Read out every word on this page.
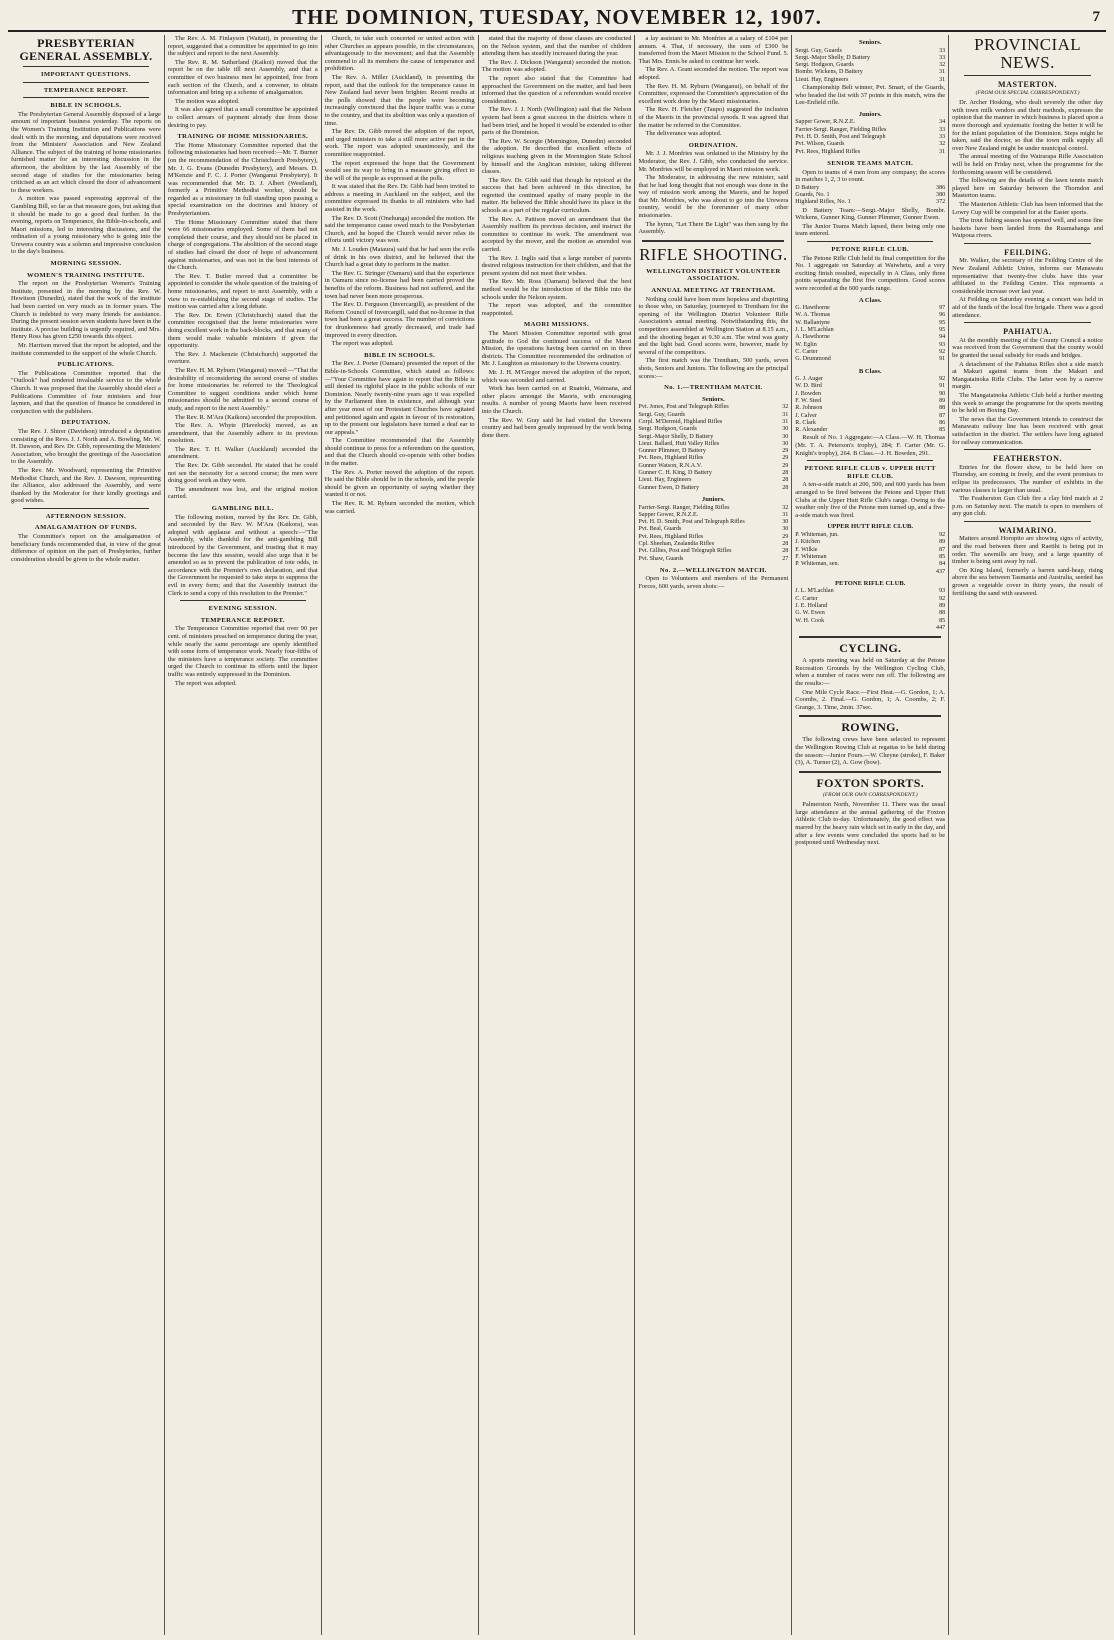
THE DOMINION, TUESDAY, NOVEMBER 12, 1907.	7
PRESBYTERIAN GENERAL ASSEMBLY.
IMPORTANT QUESTIONS.
TEMPERANCE REPORT.
BIBLE IN SCHOOLS.

The Presbyterian General Assembly disposed of a large amount of important business yesterday. The reports on the Women's Training Institution and Publications were dealt with in the morning, and deputations were received from the Ministers' Association and New Zealand Alliance. The subject of the training of home missionaries furnished matter for an interesting discussion in the afternoon, the abolition by the last Assembly of the second stage of studies for the missionaries being criticised as an act which closed the door of advancement to these workers.

A motion was passed expressing approval of the Gambling Bill, so far as that measure goes, but asking that it should be made to go a good deal further. In the evening, reports on Temperance, the Bible-in-schools, and Maori missions, led to interesting discussions, and the ordination of a young missionary who is going into the Urewera country was a solemn and impressive conclusion to the day's business.

MORNING SESSION.
WOMEN'S TRAINING INSTITUTE.

The report on the Presbyterian Women's Training Institute, presented in the morning by the Rev. W. Hewitson (Dunedin), stated that the work of the institute had been carried on very much as in former years. The Church is indebted to very many friends for assistance. During the present session seven students have been in the institute. A precise building is urgently required, and Mrs. Henry Ross has given £250 towards this object.

Mr. Harrison moved that the report be adopted, and the institute commended to the support of the whole Church.

PUBLICATIONS.

The Publications Committee reported that the "Outlook" had rendered invaluable service to the whole Church. It was proposed that the Assembly should elect a Publications Committee of four ministers and four laymen, and that the question of finance be considered in conjunction with the publishers.

DEPUTATION.

The Rev. J. Shirer (Davidson) introduced a deputation consisting of the Revs. J. J. North and A. Bowling, Mr. W. H. Dawson, and Rev. Dr. Gibb, representing the Ministers' Association, who brought the greetings of the Association to the Assembly.

The Rev. Mr. Woodward, representing the Primitive Methodist Church, and the Rev. J. Dawson, representing the Alliance, also addressed the Assembly, and were thanked by the Moderator for their kindly greetings and good wishes.

AFTERNOON SESSION.
AMALGAMATION OF FUNDS.

The Committee's report on the amalgamation of beneficiary funds recommended that, in view of the great difference of opinion on the part of Presbyteries, further consideration should be given to the whole matter.

The Rev. A. M. Finlayson (Waitati), in presenting the report, suggested that a committee be appointed to go into the subject and report to the next Assembly.

The Rev. R. M. Sutherland (Kaikoi) moved that the report be on the table till next Assembly, and that a committee of two business men be appointed, free from each section of the Church, and a convener, to obtain information and bring up a scheme of amalgamation.

The motion was adopted.

It was also agreed that a small committee be appointed to collect arrears of payment already due from those desiring to pay.

TRAINING OF HOME MISSIONARIES.

The Home Missionary Committee reported that the following missionaries had been received:—Mr. T. Burner (on the recommendation of the Christchurch Presbytery), Mr. J. G. Evans (Dunedin Presbytery), and Messrs. D. M'Kenzie and F. C. J. Porter (Wanganui Presbytery). It was recommended that Mr. D. J. Albert (Westland), formerly a Primitive Methodist worker, should be regarded as a missionary in full standing upon passing a special examination on the doctrines and history of Presbyterianism.

The Home Missionary Committee stated that there were 66 missionaries employed. Some of them had not completed their course, and they should not be placed in charge of congregations. The abolition of the second stage of studies had closed the door of hope of advancement against missionaries, and was not in the best interests of the Church.

The Rev. T. Butler moved that a committee be appointed to consider the whole question of the training of home missionaries, and report to next Assembly, with a view to re-establishing the second stage of studies. The motion was carried after a long debate.

The Rev. Dr. Erwin (Christchurch) stated that the committee recognised that the home missionaries were doing excellent work in the back-blocks, and that many of them would make valuable ministers if given the opportunity.

The Rev. J. Mackenzie (Christchurch) supported the overture.

The Rev. H. M. Ryburn (Wanganui) moved:—"That the desirability of reconsidering the second course of studies for home missionaries be referred to the Theological Committee to suggest conditions under which home missionaries should be admitted to a second course of study, and report to the next Assembly."

The Rev. R. M'Ara (Kaikora) seconded the proposition.

The Rev. A. Whyte (Havelock) moved, as an amendment, that the Assembly adhere to its previous resolution.

The Rev. T. H. Walker (Auckland) seconded the amendment.

The Rev. Dr. Gibb seconded. He stated that he could not see the necessity for a second course; the men were doing good work as they were.

The amendment was lost, and the original motion carried.

GAMBLING BILL.

The following motion, moved by the Rev. Dr. Gibb, and seconded by the Rev. W. M'Ara (Kaikora), was adopted with applause and without a speech:—"The Assembly, while thankful for the anti-gambling Bill introduced by the Government, and trusting that it may become the law this session, would also urge that it be amended so as to prevent the publication of tote odds, in accordance with the Premier's own declaration, and that the Government be requested to take steps to suppress the evil in every form; and that the Assembly instruct the Clerk to send a copy of this resolution to the Premier."

EVENING SESSION.
TEMPERANCE REPORT.

The Temperance Committee reported that over 90 per cent. of ministers preached on temperance during the year, while nearly the same percentage are openly identified with some form of temperance work. Nearly four-fifths of the ministers have a temperance society. The committee urged the Church to continue its efforts until the liquor traffic was entirely suppressed in the Dominion.

The report was adopted.

Church, to take such concerted or united action with other Churches as appears possible, in the circumstances, advantageously to the movement; and that the Assembly commend to all its members the cause of temperance and prohibition.

The Rev. A. Miller (Auckland), in presenting the report, said that the outlook for the temperance cause in New Zealand had never been brighter. Recent results at the polls showed that the people were becoming increasingly convinced that the liquor traffic was a curse to the country, and that its abolition was only a question of time.

The Rev. Dr. Gibb moved the adoption of the report, and urged ministers to take a still more active part in the work. The report was adopted unanimously, and the committee reappointed.

The report expressed the hope that the Government would see its way to bring in a measure giving effect to the will of the people as expressed at the polls.

It was stated that the Rev. Dr. Gibb had been invited to address a meeting in Auckland on the subject, and the committee expressed its thanks to all ministers who had assisted in the work.

The Rev. D. Scott (Onehunga) seconded the motion. He said the temperance cause owed much to the Presbyterian Church, and he hoped the Church would never relax its efforts until victory was won.

Mr. J. Louden (Mataura) said that he had seen the evils of drink in his own district, and he believed that the Church had a great duty to perform in the matter.

The Rev. G. Stringer (Oamaru) said that the experience in Oamaru since no-license had been carried proved the benefits of the reform. Business had not suffered, and the town had never been more prosperous.

The Rev. D. Ferguson (Invercargill), as president of the Reform Council of Invercargill, said that no-license in that town had been a great success. The number of convictions for drunkenness had greatly decreased, and trade had improved in every direction.

The report was adopted.

BIBLE IN SCHOOLS.

The Rev. J. Porter (Oamaru) presented the report of the Bible-in-Schools Committee, which stated as follows:—"Your Committee have again to report that the Bible is still denied its rightful place in the public schools of our Dominion. Nearly twenty-nine years ago it was expelled by the Parliament then in existence, and although year after year most of our Protestant Churches have agitated and petitioned again and again in favour of its restoration, up to the present our legislators have turned a deaf ear to our appeals."

The Committee recommended that the Assembly should continue to press for a referendum on the question, and that the Church should co-operate with other bodies in the matter.

The Rev. A. Porter moved the adoption of the report. He said the Bible should be in the schools, and the people should be given an opportunity of saying whether they wanted it or not.

The Rev. R. M. Ryburn seconded the motion, which was carried.

stated that the majority of those classes are conducted on the Nelson system, and that the number of children attending them has steadily increased during the year.

The Rev. J. Dickson (Wanganui) seconded the motion. The motion was adopted.

The report also stated that the Committee had approached the Government on the matter, and had been informed that the question of a referendum would receive consideration.

The Rev. J. J. North (Wellington) said that the Nelson system had been a great success in the districts where it had been tried, and he hoped it would be extended to other parts of the Dominion.

The Rev. W. Scorgie (Mornington, Dunedin) seconded the adoption. He described the excellent effects of religious teaching given in the Mornington State School by himself and the Anglican minister, taking different classes.

The Rev. Dr. Gibb said that though he rejoiced at the success that had been achieved in this direction, he regretted the continued apathy of many people in the matter. He believed the Bible should have its place in the schools as a part of the regular curriculum.

The Rev. A. Pattison moved an amendment that the Assembly reaffirm its previous decision, and instruct the committee to continue its work. The amendment was accepted by the mover, and the motion as amended was carried.

The Rev. J. Inglis said that a large number of parents desired religious instruction for their children, and that the present system did not meet their wishes.

The Rev. Mr. Ross (Oamaru) believed that the best method would be the introduction of the Bible into the schools under the Nelson system.

The report was adopted, and the committee reappointed.

MAORI MISSIONS.

The Maori Mission Committee reported with great gratitude to God the continued success of the Maori Mission, the operations having been carried on in three districts. The Committee recommended the ordination of Mr. J. Laughton as missionary to the Urewera country.

Mr. J. H. M'Gregor moved the adoption of the report, which was seconded and carried.

Work has been carried on at Ruatoki, Waimana, and other places amongst the Maoris, with encouraging results. A number of young Maoris have been received into the Church.

The Rev. W. Gray said he had visited the Urewera country and had been greatly impressed by the work being done there.

a lay assistant to Mr. Monfries at a salary of £104 per annum. 4. That, if necessary, the sum of £300 be transferred from the Maori Mission to the School Fund. 5. That Mrs. Ennis be asked to continue her work.

The Rev. A. Grant seconded the motion. The report was adopted.

The Rev. H. M. Ryburn (Wanganui), on behalf of the Committee, expressed the Committee's appreciation of the excellent work done by the Maori missionaries.

The Rev. H. Fletcher (Taupo) suggested the inclusion of the Maoris in the provincial synods. It was agreed that the matter be referred to the Committee.

The deliverance was adopted.

ORDINATION.

Mr. J. J. Monfries was ordained to the Ministry by the Moderator, the Rev. J. Gibb, who conducted the service. Mr. Monfries will be employed in Maori mission work.

The Moderator, in addressing the new minister, said that he had long thought that not enough was done in the way of mission work among the Maoris, and he hoped that Mr. Monfries, who was about to go into the Urewera country, would be the forerunner of many other missionaries.

The hymn, "Let There Be Light" was then sung by the Assembly.

RIFLE SHOOTING.
WELLINGTON DISTRICT VOLUNTEER ASSOCIATION.
ANNUAL MEETING AT TRENTHAM.

Nothing could have been more hopeless and dispiriting to those who, on Saturday, journeyed to Trentham for the opening of the Wellington District Volunteer Rifle Association's annual meeting. Notwithstanding this, the competitors assembled at Wellington Station at 8.15 a.m., and the shooting began at 9.30 a.m. The wind was gusty and the light bad. Good scores were, however, made by several of the competitors.

The first match was the Trentham, 500 yards, seven shots, Seniors and Juniors. The following are the principal scores:—

No. 1.—TRENTHAM MATCH.
Seniors.
Pvt. Jones, Post and Telegraph Rifles	32
Sergt. Guy, Guards	31
Corpl. M'Dermid, Highland Rifles	31
Sergt. Hodgson, Guards	30
Sergt.-Major Shelly, D Battery	30
Lieut. Ballard, Hutt Valley Rifles	30
Gunner Plimmer, D Battery	29
Pvt. Rees, Highland Rifles	29
Gunner Watson, R.N.A.V.	29
Gunner C. H. King, D Battery	28
Lieut. Hay, Engineers	28
Gunner Ewen, D Battery	28
Juniors.
Farrier-Sergt. Ranger, Fielding Rifles	32
Sapper Gower, R.N.Z.E.	31
Pvt. H. D. Smith, Post and Telegraph Rifles	30
Pvt. Beal, Guards	30
Pvt. Rees, Highland Rifles	29
Cpl. Sheehan, Zealandia Rifles	28
Pvt. Gillies, Post and Telegraph Rifles	28
Pvt. Shaw, Guards	27
No. 2.—WELLINGTON MATCH.

Open to Volunteers and members of the Permanent Forces, 600 yards, seven shots:—

Seniors.
Sergt. Guy, Guards	33
Sergt.-Major Shelly, D Battery	33
Sergt. Hodgson, Guards	32
Bombr. Wickens, D Battery	31
Lieut. Hay, Engineers	31

Championship Belt winner, Pvt. Smart, of the Guards, who headed the list with 37 points in this match, wins the Lee-Enfield rifle.

Juniors.
Sapper Gower, R.N.Z.E.	34
Farrier-Sergt. Ranger, Fielding Rifles	33
Pvt. H. D. Smith, Post and Telegraph	33
Pvt. Wilson, Guards	32
Pvt. Rees, Highland Rifles	31
SENIOR TEAMS MATCH.

Open to teams of 4 men from any company; the scores in matches 1, 2, 3 to count.

D Battery	386
Guards, No. 1	380
Highland Rifles, No. 1	372

D Battery Team:—Sergt.-Major Shelly, Bombr. Wickens, Gunner King, Gunner Plimmer, Gunner Ewen.

The Junior Teams Match lapsed, there being only one team entered.

PETONE RIFLE CLUB.

The Petone Rifle Club held its final competition for the No. 1 aggregate on Saturday at Waiwhetu, and a very exciting finish resulted, especially in A Class, only three points separating the first five competitors. Good scores were recorded at the 600 yards range.

A Class.
G. Hawthorne	97
W. A. Thomas	96
W. Ballantyne	95
J. L. M'Lachlan	95
A. Hawthorne	94
W. Eglin	93
C. Carter	92
G. Drummond	91
B Class.
G. J. Auger	92
W. D. Bird	91
J. Bowden	90
F. W. Steel	89
R. Johnson	88
J. Calver	87
R. Clark	86
R. Alexander	85

Result of No. 1 Aggregate:—A Class.—W. H. Thomas (Mr. T. A. Peterson's trophy), 284; F. Carter (Mr. G. Knight's trophy), 264. B Class.—J. H. Bowden, 291.

PETONE RIFLE CLUB v. UPPER HUTT RIFLE CLUB.

A ten-a-side match at 200, 500, and 600 yards has been arranged to be fired between the Petone and Upper Hutt Clubs at the Upper Hutt Rifle Club's range. Owing to the weather only five of the Petone men turned up, and a five-a-side match was fired.

UPPER HUTT RIFLE CLUB.
P. Whiteman, jun.	92
J. Kitchen	89
F. Wilkie	87
F. Whiteman	85
P. Whiteman, sen.	84
437
PETONE RIFLE CLUB.
J. L. M'Lachlan	93
C. Carter	92
J. E. Holland	89
G. W. Ewen	88
W. H. Cook	85
447
CYCLING.

A sports meeting was held on Saturday at the Petone Recreation Grounds by the Wellington Cycling Club, when a number of races were run off. The following are the results:—

One Mile Cycle Race.—First Heat.—G. Gordon, 1; A. Coombs, 2. Final.—G. Gordon, 1; A. Coombs, 2; F. Grange, 3. Time, 2min. 37sec.

ROWING.

The following crews have been selected to represent the Wellington Rowing Club at regattas to be held during the season:—Junior Fours.—W. Cheyne (stroke), F. Baker (3), A. Turner (2), A. Gow (bow).

FOXTON SPORTS.
(FROM OUR OWN CORRESPONDENT.)

Palmerston North, November 11. There was the usual large attendance at the annual gathering of the Foxton Athletic Club to-day. Unfortunately, the good effect was marred by the heavy rain which set in early in the day, and after a few events were concluded the sports had to be postponed until Wednesday next.

PROVINCIAL NEWS.
MASTERTON.
(FROM OUR SPECIAL CORRESPONDENT.)

Dr. Archer Hosking, who dealt severely the other day with town milk vendors and their methods, expresses the opinion that the manner in which business is placed upon a more thorough and systematic footing the better it will be for the infant population of the Dominion. Steps might be taken, said the doctor, so that the town milk supply all over New Zealand might be under municipal control.

The annual meeting of the Wairarapa Rifle Association will be held on Friday next, when the programme for the forthcoming season will be considered.

The following are the details of the lawn tennis match played here on Saturday between the Thorndon and Masterton teams.

The Masterton Athletic Club has been informed that the Lowry Cup will be competed for at the Easter sports.

The trout fishing season has opened well, and some fine baskets have been landed from the Ruamahanga and Waipoua rivers.

FEILDING.

Mr. Walker, the secretary of the Feilding Centre of the New Zealand Athletic Union, informs our Manawatu representative that twenty-five clubs have this year affiliated to the Feilding Centre. This represents a considerable increase over last year.

At Feilding on Saturday evening a concert was held in aid of the funds of the local fire brigade. There was a good attendance.

PAHIATUA.

At the monthly meeting of the County Council a notice was received from the Government that the county would be granted the usual subsidy for roads and bridges.

A detachment of the Pahiatua Rifles shot a side match at Makuri against teams from the Makuri and Mangatainoka Rifle Clubs. The latter won by a narrow margin.

The Mangatainoka Athletic Club held a further meeting this week to arrange the programme for the sports meeting to be held on Boxing Day.

The news that the Government intends to construct the Manawatu railway line has been received with great satisfaction in the district. The settlers have long agitated for railway communication.

FEATHERSTON.

Entries for the flower show, to be held here on Thursday, are coming in freely, and the event promises to eclipse its predecessors. The number of exhibits in the various classes is larger than usual.

The Featherston Gun Club fire a clay bird match at 2 p.m. on Saturday next. The match is open to members of any gun club.

WAIMARINO.

Matters around Horopito are showing signs of activity, and the road between there and Raetihi is being put in order. The sawmills are busy, and a large quantity of timber is being sent away by rail.

On King Island, formerly a barren sand-heap, rising above the sea between Tasmania and Australia, seeded has grown a vegetable cover in thirty years, the result of fertilising the sand with seaweed.
